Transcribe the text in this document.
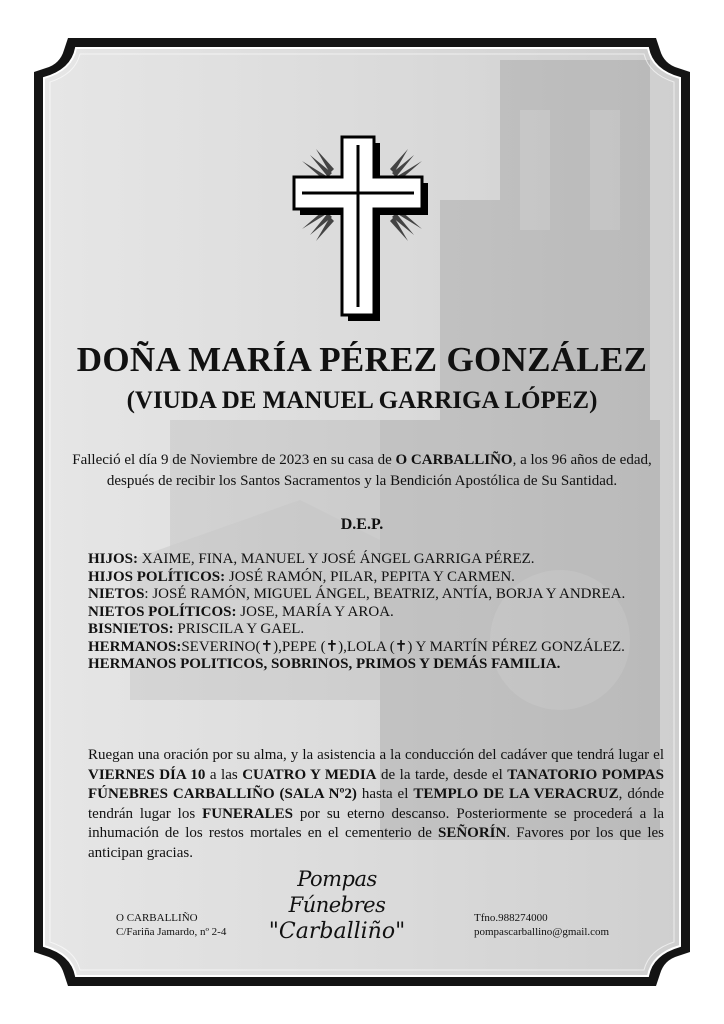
DOÑA MARÍA PÉREZ GONZÁLEZ
(VIUDA DE MANUEL GARRIGA LÓPEZ)
Falleció el día 9 de Noviembre de 2023 en su casa de O CARBALLIÑO, a los 96 años de edad, después de recibir los Santos Sacramentos y la Bendición Apostólica de Su Santidad.
D.E.P.

HIJOS: XAIME, FINA, MANUEL Y JOSÉ ÁNGEL GARRIGA PÉREZ.

HIJOS POLÍTICOS: JOSÉ RAMÓN, PILAR, PEPITA Y CARMEN.

NIETOS: JOSÉ RAMÓN, MIGUEL ÁNGEL, BEATRIZ, ANTÍA, BORJA Y ANDREA.

NIETOS POLÍTICOS: JOSE, MARÍA Y AROA.

BISNIETOS: PRISCILA Y GAEL.

HERMANOS:SEVERINO(✝),PEPE (✝),LOLA (✝) Y MARTÍN PÉREZ GONZÁLEZ.

HERMANOS POLITICOS, SOBRINOS, PRIMOS Y DEMÁS FAMILIA.

Ruegan una oración por su alma, y la asistencia a la conducción del cadáver que tendrá lugar el VIERNES DÍA 10 a las CUATRO Y MEDIA de la tarde, desde el TANATORIO POMPAS FÚNEBRES CARBALLIÑO (SALA Nº2) hasta el TEMPLO DE LA VERACRUZ, dónde tendrán lugar los FUNERALES por su eterno descanso. Posteriormente se procederá a la inhumación de los restos mortales en el cementerio de SEÑORÍN. Favores por los que les anticipan gracias.
Pompas Fúnebres
"Carballiño"
O CARBALLIÑO
C/Fariña Jamardo, nº 2-4
Tfno.988274000
pompascarballino@gmail.com
